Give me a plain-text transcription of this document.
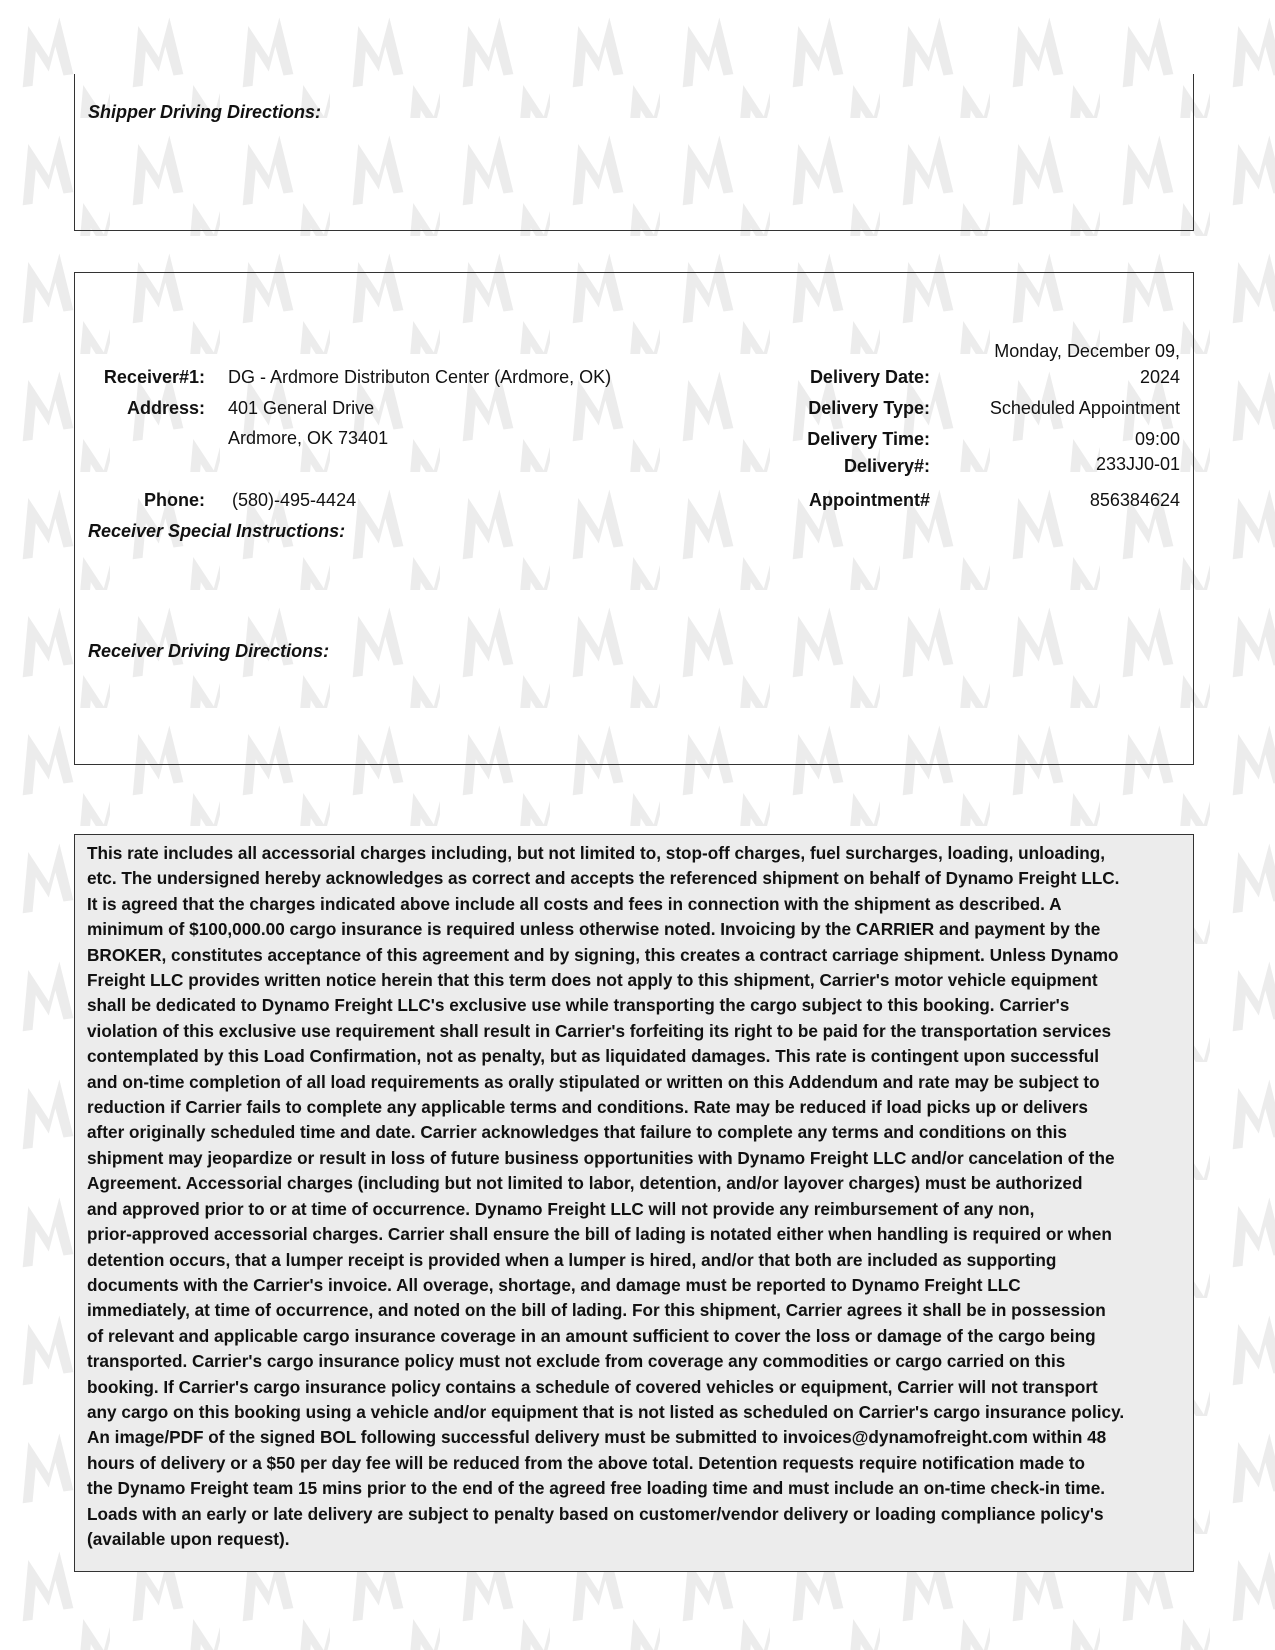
Shipper Driving Directions:
Receiver#1: DG - Ardmore Distributon Center (Ardmore, OK)
Address: 401 General Drive
Ardmore, OK 73401
Phone: (580)-495-4424
Delivery Date:
Monday, December 09,
2024
Delivery Type:	Scheduled Appointment
Delivery Time:	09:00
Delivery#:	233JJ0-01
Appointment#	856384624
Receiver Special Instructions:
Receiver Driving Directions:
This rate includes all accessorial charges including, but not limited to, stop-off charges, fuel surcharges, loading, unloading,
etc. The undersigned hereby acknowledges as correct and accepts the referenced shipment on behalf of Dynamo Freight LLC.
It is agreed that the charges indicated above include all costs and fees in connection with the shipment as described. A
minimum of $100,000.00 cargo insurance is required unless otherwise noted. Invoicing by the CARRIER and payment by the
BROKER, constitutes acceptance of this agreement and by signing, this creates a contract carriage shipment. Unless Dynamo
Freight LLC provides written notice herein that this term does not apply to this shipment, Carrier's motor vehicle equipment
shall be dedicated to Dynamo Freight LLC's exclusive use while transporting the cargo subject to this booking. Carrier's
violation of this exclusive use requirement shall result in Carrier's forfeiting its right to be paid for the transportation services
contemplated by this Load Confirmation, not as penalty, but as liquidated damages. This rate is contingent upon successful
and on-time completion of all load requirements as orally stipulated or written on this Addendum and rate may be subject to
reduction if Carrier fails to complete any applicable terms and conditions. Rate may be reduced if load picks up or delivers
after originally scheduled time and date. Carrier acknowledges that failure to complete any terms and conditions on this
shipment may jeopardize or result in loss of future business opportunities with Dynamo Freight LLC and/or cancelation of the
Agreement. Accessorial charges (including but not limited to labor, detention, and/or layover charges) must be authorized
and approved prior to or at time of occurrence. Dynamo Freight LLC will not provide any reimbursement of any non,
prior-approved accessorial charges. Carrier shall ensure the bill of lading is notated either when handling is required or when
detention occurs, that a lumper receipt is provided when a lumper is hired, and/or that both are included as supporting
documents with the Carrier's invoice. All overage, shortage, and damage must be reported to Dynamo Freight LLC
immediately, at time of occurrence, and noted on the bill of lading. For this shipment, Carrier agrees it shall be in possession
of relevant and applicable cargo insurance coverage in an amount sufficient to cover the loss or damage of the cargo being
transported. Carrier's cargo insurance policy must not exclude from coverage any commodities or cargo carried on this
booking. If Carrier's cargo insurance policy contains a schedule of covered vehicles or equipment, Carrier will not transport
any cargo on this booking using a vehicle and/or equipment that is not listed as scheduled on Carrier's cargo insurance policy.
An image/PDF of the signed BOL following successful delivery must be submitted to invoices@dynamofreight.com within 48
hours of delivery or a $50 per day fee will be reduced from the above total. Detention requests require notification made to
the Dynamo Freight team 15 mins prior to the end of the agreed free loading time and must include an on-time check-in time.
Loads with an early or late delivery are subject to penalty based on customer/vendor delivery or loading compliance policy's
(available upon request).
